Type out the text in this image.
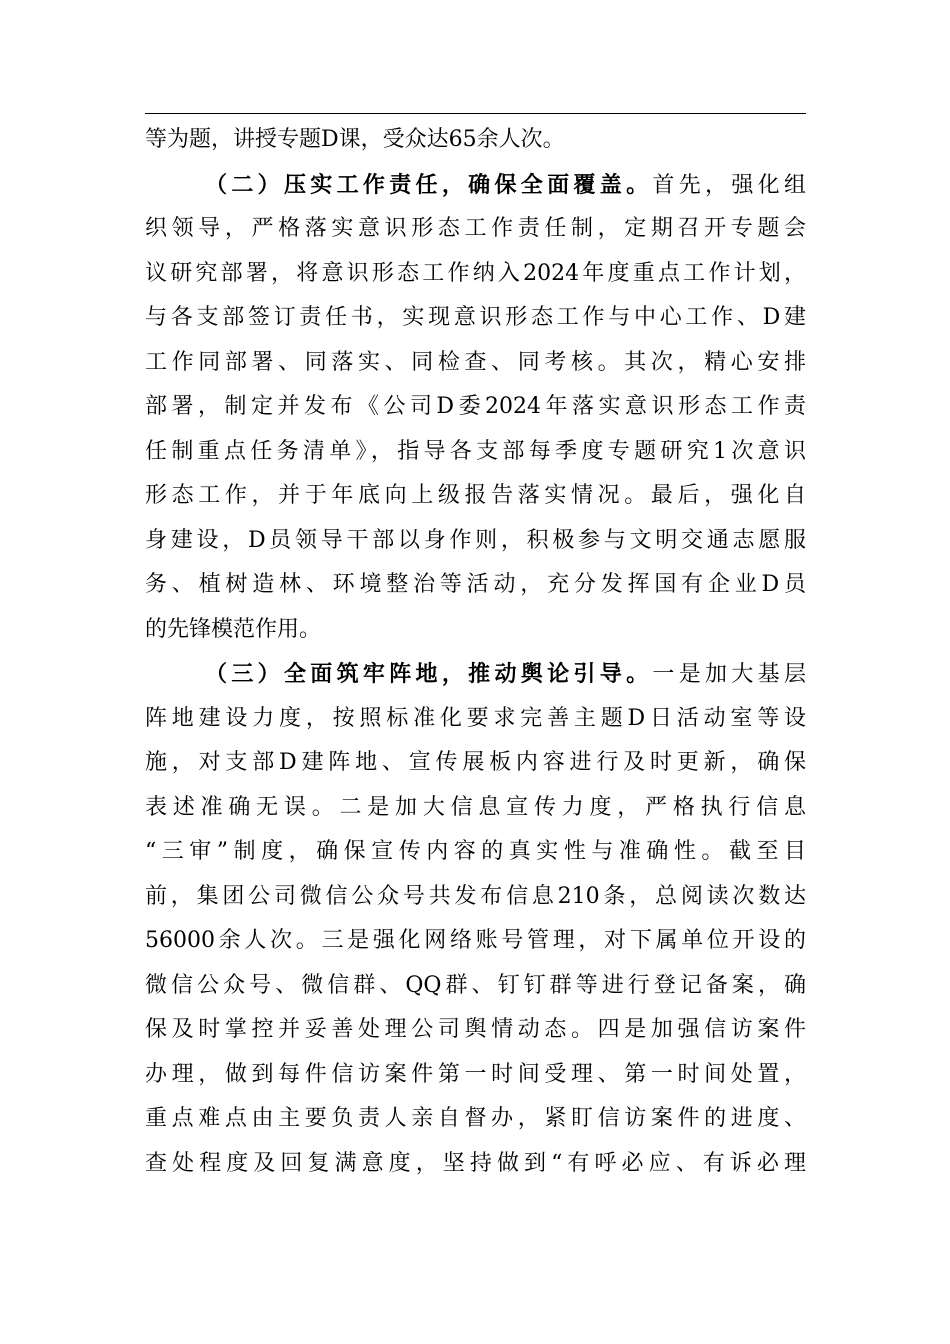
等为题，讲授专题D课，受众达65余人次。
（二）压实工作责任，确保全面覆盖。首先，强化组
织领导，严格落实意识形态工作责任制，定期召开专题会
议研究部署，将意识形态工作纳入2024年度重点工作计划，
与各支部签订责任书，实现意识形态工作与中心工作、D建
工作同部署、同落实、同检查、同考核。其次，精心安排
部署，制定并发布《公司D委2024年落实意识形态工作责
任制重点任务清单》，指导各支部每季度专题研究1次意识
形态工作，并于年底向上级报告落实情况。最后，强化自
身建设，D员领导干部以身作则，积极参与文明交通志愿服
务、植树造林、环境整治等活动，充分发挥国有企业D员
的先锋模范作用。
（三）全面筑牢阵地，推动舆论引导。一是加大基层
阵地建设力度，按照标准化要求完善主题D日活动室等设
施，对支部D建阵地、宣传展板内容进行及时更新，确保
表述准确无误。二是加大信息宣传力度，严格执行信息
“三审”制度，确保宣传内容的真实性与准确性。截至目
前，集团公司微信公众号共发布信息210条，总阅读次数达
56000余人次。三是强化网络账号管理，对下属单位开设的
微信公众号、微信群、QQ群、钉钉群等进行登记备案，确
保及时掌控并妥善处理公司舆情动态。四是加强信访案件
办理，做到每件信访案件第一时间受理、第一时间处置，
重点难点由主要负责人亲自督办，紧盯信访案件的进度、
查处程度及回复满意度，坚持做到“有呼必应、有诉必理
